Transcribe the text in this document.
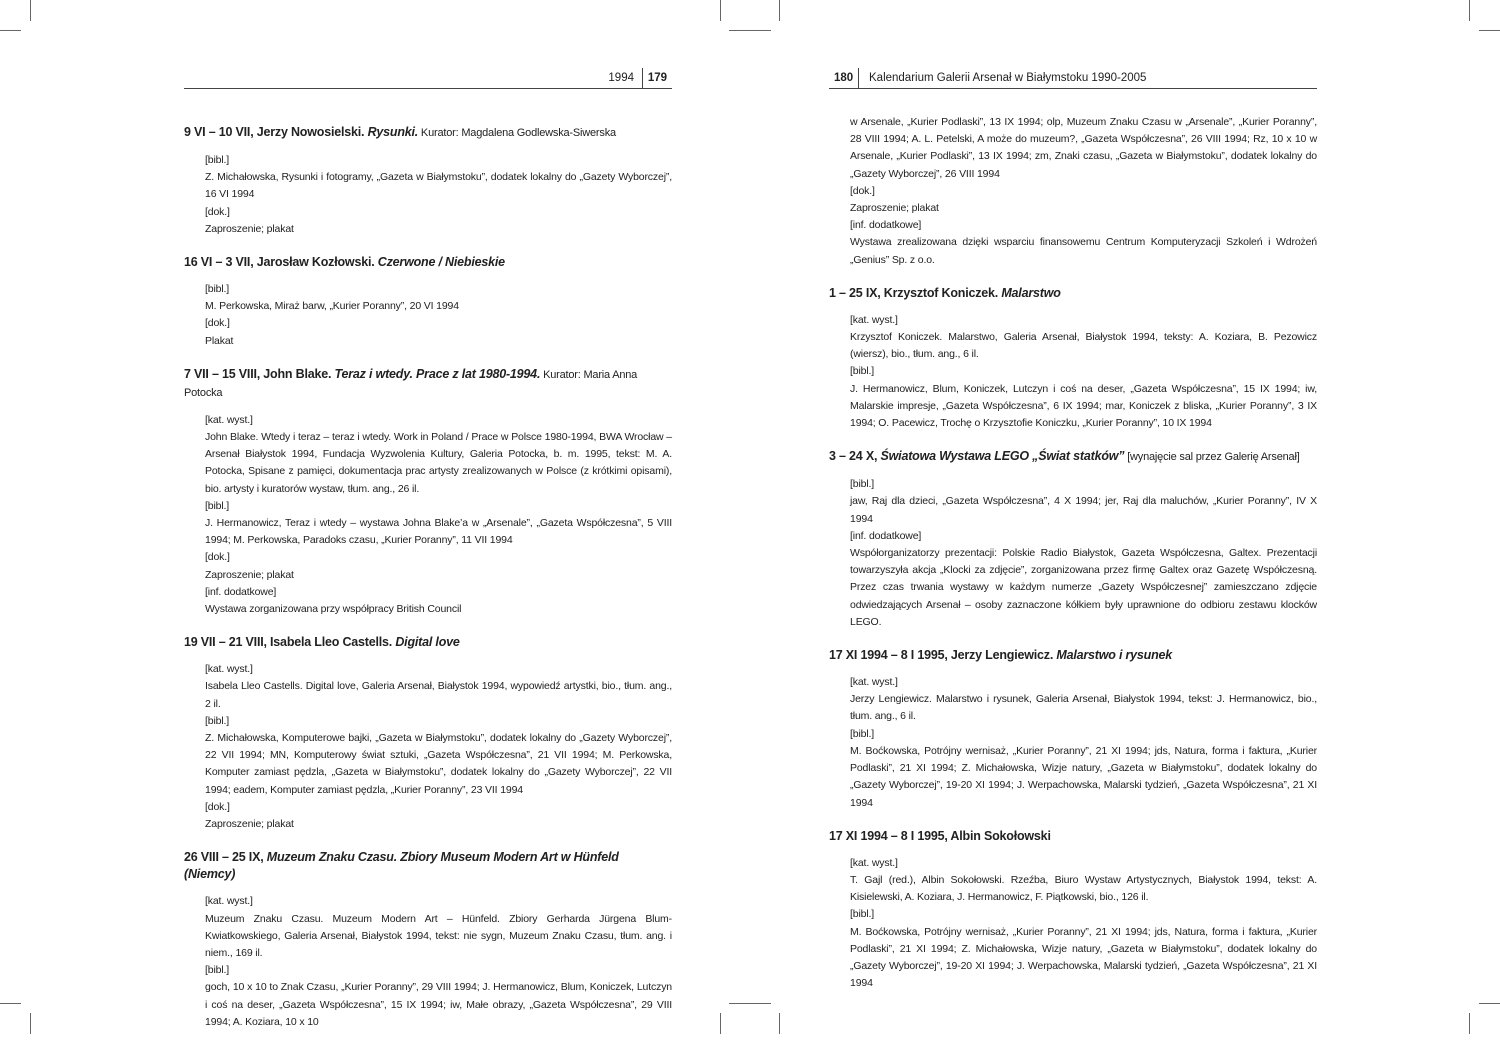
1994 179
9 VI – 10 VII, Jerzy Nowosielski. Rysunki. Kurator: Magdalena Godlewska-Siwerska
[bibl.]
Z. Michałowska, Rysunki i fotogramy, „Gazeta w Białymstoku”, dodatek lokalny do „Gazety Wyborczej”, 16 VI 1994
[dok.]
Zaproszenie; plakat
16 VI – 3 VII, Jarosław Kozłowski. Czerwone / Niebieskie
[bibl.]
M. Perkowska, Miraż barw, „Kurier Poranny”, 20 VI 1994
[dok.]
Plakat
7 VII – 15 VIII, John Blake. Teraz i wtedy. Prace z lat 1980-1994. Kurator: Maria Anna Potocka
[kat. wyst.]
John Blake. Wtedy i teraz – teraz i wtedy. Work in Poland / Prace w Polsce 1980-1994, BWA Wrocław – Arsenał Białystok 1994, Fundacja Wyzwolenia Kultury, Galeria Potocka, b. m. 1995, tekst: M. A. Potocka, Spisane z pamięci, dokumentacja prac artysty zrealizowanych w Polsce (z krótkimi opisami), bio. artysty i kuratorów wystaw, tłum. ang., 26 il.
[bibl.]
J. Hermanowicz, Teraz i wtedy – wystawa Johna Blake’a w „Arsenale”, „Gazeta Współczesna”, 5 VIII 1994; M. Perkowska, Paradoks czasu, „Kurier Poranny”, 11 VII 1994
[dok.]
Zaproszenie; plakat
[inf. dodatkowe]
Wystawa zorganizowana przy współpracy British Council
19 VII – 21 VIII, Isabela Lleo Castells. Digital love
[kat. wyst.]
Isabela Lleo Castells. Digital love, Galeria Arsenał, Białystok 1994, wypowiedź artystki, bio., tłum. ang., 2 il.
[bibl.]
Z. Michałowska, Komputerowe bajki, „Gazeta w Białymstoku”, dodatek lokalny do „Gazety Wyborczej”, 22 VII 1994; MN, Komputerowy świat sztuki, „Gazeta Współczesna”, 21 VII 1994; M. Perkowska, Komputer zamiast pędzla, „Gazeta w Białymstoku”, dodatek lokalny do „Gazety Wyborczej”, 22 VII 1994; eadem, Komputer zamiast pędzla, „Kurier Poranny”, 23 VII 1994
[dok.]
Zaproszenie; plakat
26 VIII – 25 IX, Muzeum Znaku Czasu. Zbiory Museum Modern Art w Hünfeld (Niemcy)
[kat. wyst.]
Muzeum Znaku Czasu. Muzeum Modern Art – Hünfeld. Zbiory Gerharda Jürgena Blum-Kwiatkowskiego, Galeria Arsenał, Białystok 1994, tekst: nie sygn, Muzeum Znaku Czasu, tłum. ang. i niem., 169 il.
[bibl.]
goch, 10 x 10 to Znak Czasu, „Kurier Poranny”, 29 VIII 1994; J. Hermanowicz, Blum, Koniczek, Lutczyn i coś na deser, „Gazeta Współczesna”, 15 IX 1994; iw, Małe obrazy, „Gazeta Współczesna”, 29 VIII 1994; A. Koziara, 10 x 10
180 Kalendarium Galerii Arsenał w Białymstoku 1990-2005
w Arsenale, „Kurier Podlaski”, 13 IX 1994; olp, Muzeum Znaku Czasu w „Arsenale”, „Kurier Poranny”, 28 VIII 1994; A. L. Petelski, A może do muzeum?, „Gazeta Współczesna”, 26 VIII 1994; Rz, 10 x 10 w Arsenale, „Kurier Podlaski”, 13 IX 1994; zm, Znaki czasu, „Gazeta w Białymstoku”, dodatek lokalny do „Gazety Wyborczej”, 26 VIII 1994
[dok.]
Zaproszenie; plakat
[inf. dodatkowe]
Wystawa zrealizowana dzięki wsparciu finansowemu Centrum Komputeryzacji Szkoleń i Wdrożeń „Genius” Sp. z o.o.
1 – 25 IX, Krzysztof Koniczek. Malarstwo
[kat. wyst.]
Krzysztof Koniczek. Malarstwo, Galeria Arsenał, Białystok 1994, teksty: A. Koziara, B. Pezowicz (wiersz), bio., tłum. ang., 6 il.
[bibl.]
J. Hermanowicz, Blum, Koniczek, Lutczyn i coś na deser, „Gazeta Współczesna”, 15 IX 1994; iw, Malarskie impresje, „Gazeta Współczesna”, 6 IX 1994; mar, Koniczek z bliska, „Kurier Poranny”, 3 IX 1994; O. Pacewicz, Trochę o Krzysztofie Koniczku, „Kurier Poranny”, 10 IX 1994
3 – 24 X, Światowa Wystawa LEGO „Świat statków” [wynajęcie sal przez Galerię Arsenał]
[bibl.]
jaw, Raj dla dzieci, „Gazeta Współczesna”, 4 X 1994; jer, Raj dla maluchów, „Kurier Poranny”, IV X 1994
[inf. dodatkowe]
Współorganizatorzy prezentacji: Polskie Radio Białystok, Gazeta Współczesna, Galtex. Prezentacji towarzyszyła akcja „Klocki za zdjęcie”, zorganizowana przez firmę Galtex oraz Gazetę Współczesną. Przez czas trwania wystawy w każdym numerze „Gazety Współczesnej” zamieszczano zdjęcie odwiedzających Arsenał – osoby zaznaczone kółkiem były uprawnione do odbioru zestawu klocków LEGO.
17 XI 1994 – 8 I 1995, Jerzy Lengiewicz. Malarstwo i rysunek
[kat. wyst.]
Jerzy Lengiewicz. Malarstwo i rysunek, Galeria Arsenał, Białystok 1994, tekst: J. Hermanowicz, bio., tłum. ang., 6 il.
[bibl.]
M. Boćkowska, Potrójny wernisaż, „Kurier Poranny”, 21 XI 1994; jds, Natura, forma i faktura, „Kurier Podlaski”, 21 XI 1994; Z. Michałowska, Wizje natury, „Gazeta w Białymstoku”, dodatek lokalny do „Gazety Wyborczej”, 19-20 XI 1994; J. Werpachowska, Malarski tydzień, „Gazeta Współczesna”, 21 XI 1994
17 XI 1994 – 8 I 1995, Albin Sokołowski
[kat. wyst.]
T. Gajl (red.), Albin Sokołowski. Rzeźba, Biuro Wystaw Artystycznych, Białystok 1994, tekst: A. Kisielewski, A. Koziara, J. Hermanowicz, F. Piątkowski, bio., 126 il.
[bibl.]
M. Boćkowska, Potrójny wernisaż, „Kurier Poranny”, 21 XI 1994; jds, Natura, forma i faktura, „Kurier Podlaski”, 21 XI 1994; Z. Michałowska, Wizje natury, „Gazeta w Białymstoku”, dodatek lokalny do „Gazety Wyborczej”, 19-20 XI 1994; J. Werpachowska, Malarski tydzień, „Gazeta Współczesna”, 21 XI 1994
